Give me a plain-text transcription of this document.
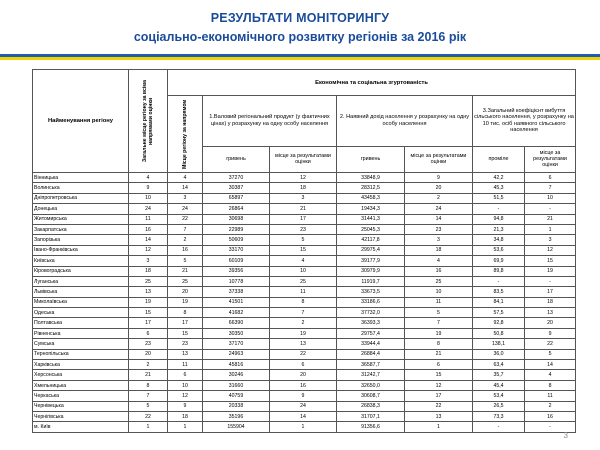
РЕЗУЛЬТАТИ МОНІТОРИНГУ
соціально-економічного розвитку регіонів за 2016 рік
Найменування регіону	Загальне місце регіону за всіма напрямами оцінки	Економічна та соціальна згуртованість						

		Місце регіону за напрямом	1.Валовий регіональний продукт (у фактичних цінах) у розрахунку на одну особу населення		2. Наявний дохід населення у розрахунку на одну особу населення		3.Загальний коефіцієнт вибуття сільського населення, у розрахунку на 10 тис. осіб наявного сільського населення	
			гривень	місце за результатами оцінки	гривень	місце за результатами оцінки	проміле	місце за результатами оцінки
Вінницька	4	4	37270	12	33848,9	9	42,2	6
Волинська	9	14	30387	18	28312,5	20	45,3	7
Дніпропетровська	10	3	65897	3	43458,3	2	51,5	10
Донецька	24	24	26864	21	19434,3	24	-	-
Житомирська	11	22	30698	17	31441,3	14	94,8	21
Закарпатська	16	7	22989	23	25045,3	23	21,3	1
Запорізька	14	2	50609	5	42117,8	3	34,8	3
Івано-Франківська	12	16	33170	15	29975,4	18	53,6	12
Київська	3	5	60109	4	39177,9	4	69,9	15
Кіровоградська	18	21	39356	10	30979,9	16	89,8	19
Луганська	25	25	10778	25	11919,7	25	-	-
Львівська	13	20	37338	11	33673,5	10	83,5	17
Миколаївська	19	19	41501	8	33186,6	11	84,1	18
Одеська	15	8	41682	7	37732,0	5	57,5	13
Полтавська	17	17	66390	2	36393,3	7	92,8	20
Рівненська	6	15	30350	19	29757,4	19	50,8	9
Сумська	23	23	37170	13	33944,4	8	138,1	22
Тернопільська	20	13	24963	22	26884,4	21	36,0	5
Харківська	2	11	45816	6	36587,7	6	63,4	14
Херсонська	21	6	30246	20	31242,7	15	35,7	4
Хмельницька	8	10	31660	16	32650,0	12	45,4	8
Черкаська	7	12	40759	9	30608,7	17	53,4	11
Чернівецька	5	9	20338	24	26838,3	22	26,5	2
Чернігівська	22	18	35196	14	31707,1	13	73,3	16
м. Київ	1	1	155904	1	91356,6	1	-	-
3
